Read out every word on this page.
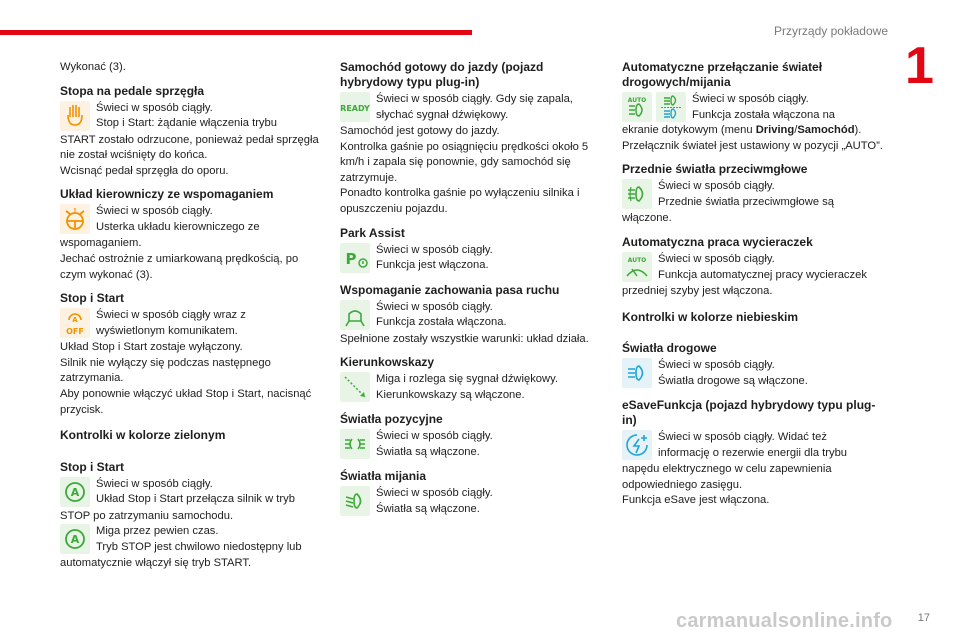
Przyrządy pokładowe
1

Wykonać (3).

Stopa na pedale sprzęgła
Świeci w sposób ciągły.
Stop i Start: żądanie włączenia trybu

START zostało odrzucone, ponieważ pedał sprzęgła nie został wciśnięty do końca.

Wcisnąć pedał sprzęgła do oporu.

Układ kierowniczy ze wspomaganiem
!	Świeci w sposób ciągły.
Usterka układu kierowniczego ze

wspomaganiem.

Jechać ostrożnie z umiarkowaną prędkością, po czym wykonać (3).

Stop i Start
A
OFF
Świeci w sposób ciągły wraz z
wyświetlonym komunikatem.

Układ Stop i Start zostaje wyłączony.

Silnik nie wyłączy się podczas następnego zatrzymania.

Aby ponownie włączyć układ Stop i Start, nacisnąć przycisk.

Kontrolki w kolorze zielonym
Stop i Start
A
Świeci w sposób ciągły.
Układ Stop i Start przełącza silnik w tryb

STOP po zatrzymaniu samochodu.

A
Miga przez pewien czas.
Tryb STOP jest chwilowo niedostępny lub

automatycznie włączył się tryb START.

Samochód gotowy do jazdy (pojazd hybrydowy typu plug-in)
READY
Świeci w sposób ciągły. Gdy się zapala,
słychać sygnał dźwiękowy.

Samochód jest gotowy do jazdy.

Kontrolka gaśnie po osiągnięciu prędkości około 5 km/h i zapala się ponownie, gdy samochód się zatrzymuje.

Ponadto kontrolka gaśnie po wyłączeniu silnika i opuszczeniu pojazdu.

Park Assist
P	Świeci w sposób ciągły.
Funkcja jest włączona.
Wspomaganie zachowania pasa ruchu
Świeci w sposób ciągły.
Funkcja została włączona.

Spełnione zostały wszystkie warunki: układ działa.

Kierunkowskazy
Miga i rozlega się sygnał dźwiękowy.
Kierunkowskazy są włączone.
Światła pozycyjne
Świeci w sposób ciągły.
Światła są włączone.
Światła mijania
Świeci w sposób ciągły.
Światła są włączone.
Automatyczne przełączanie świateł drogowych/mijania
AUTO	Świeci w sposób ciągły.
Funkcja została włączona na

ekranie dotykowym (menu Driving/Samochód).

Przełącznik świateł jest ustawiony w pozycji „AUTO”.

Przednie światła przeciwmgłowe
Świeci w sposób ciągły.
Przednie światła przeciwmgłowe są

włączone.

Automatyczna praca wycieraczek
AUTO	Świeci w sposób ciągły.
Funkcja automatycznej pracy wycieraczek

przedniej szyby jest włączona.

Kontrolki w kolorze niebieskim
Światła drogowe
Świeci w sposób ciągły.
Światła drogowe są włączone.
eSaveFunkcja (pojazd hybrydowy typu plug-in)
Świeci w sposób ciągły. Widać też
informację o rezerwie energii dla trybu

napędu elektrycznego w celu zapewnienia odpowiedniego zasięgu.

Funkcja eSave jest włączona.

carmanualsonline.info 17
